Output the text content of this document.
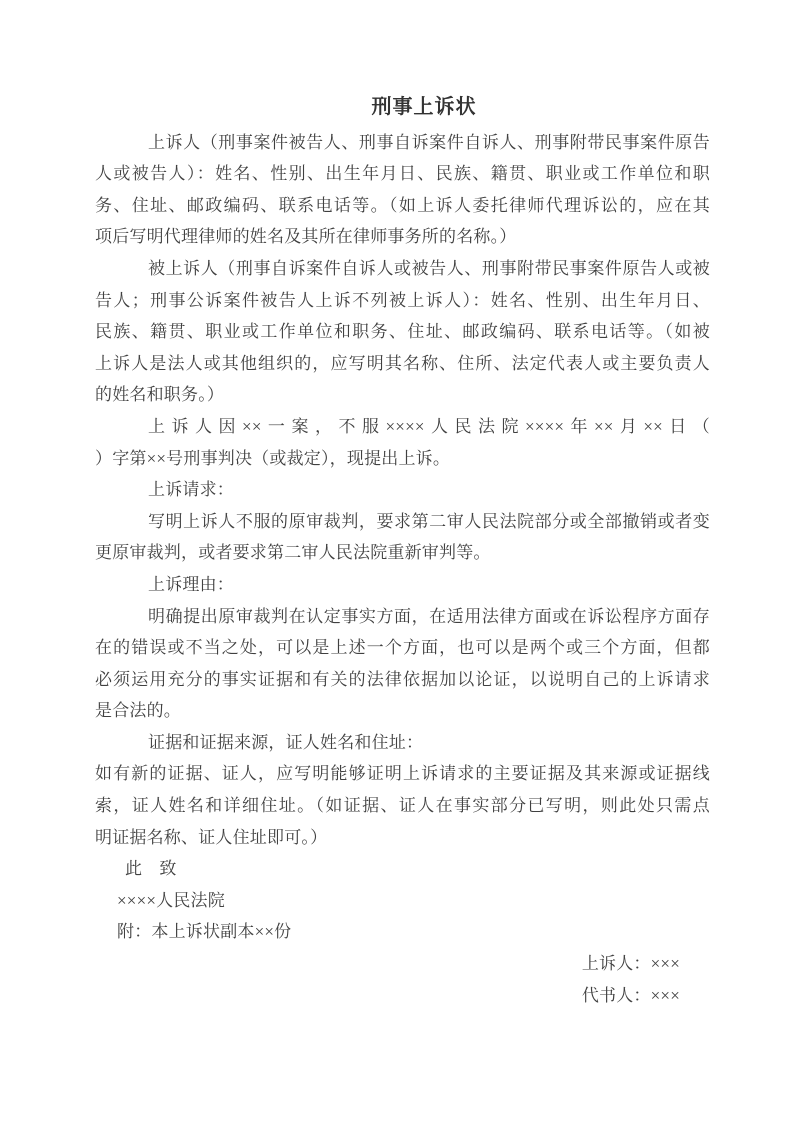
刑事上诉状
上诉人（刑事案件被告人、刑事自诉案件自诉人、刑事附带民事案件原告
人或被告人）：姓名、性别、出生年月日、民族、籍贯、职业或工作单位和职
务、住址、邮政编码、联系电话等。（如上诉人委托律师代理诉讼的，应在其
项后写明代理律师的姓名及其所在律师事务所的名称。）
被上诉人（刑事自诉案件自诉人或被告人、刑事附带民事案件原告人或被
告人；刑事公诉案件被告人上诉不列被上诉人）：姓名、性别、出生年月日、
民族、籍贯、职业或工作单位和职务、住址、邮政编码、联系电话等。（如被
上诉人是法人或其他组织的，应写明其名称、住所、法定代表人或主要负责人
的姓名和职务。）
上诉人因××一案，不服××××人民法院××××年××月××日（
）字第××号刑事判决（或裁定），现提出上诉。
上诉请求：
写明上诉人不服的原审裁判，要求第二审人民法院部分或全部撤销或者变
更原审裁判，或者要求第二审人民法院重新审判等。
上诉理由：
明确提出原审裁判在认定事实方面，在适用法律方面或在诉讼程序方面存
在的错误或不当之处，可以是上述一个方面，也可以是两个或三个方面，但都
必须运用充分的事实证据和有关的法律依据加以论证，以说明自己的上诉请求
是合法的。
证据和证据来源，证人姓名和住址：
如有新的证据、证人，应写明能够证明上诉请求的主要证据及其来源或证据线
索，证人姓名和详细住址。（如证据、证人在事实部分已写明，则此处只需点
明证据名称、证人住址即可。）
此　致
××××人民法院
附：本上诉状副本××份
上诉人：×××
代书人：×××
